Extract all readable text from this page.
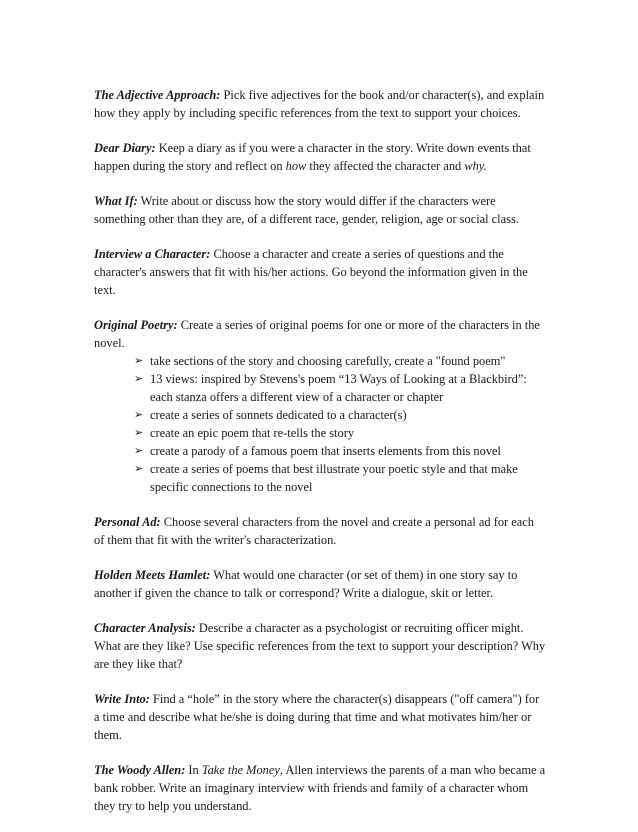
The Adjective Approach: Pick five adjectives for the book and/or character(s), and explain how they apply by including specific references from the text to support your choices.

Dear Diary: Keep a diary as if you were a character in the story. Write down events that happen during the story and reflect on how they affected the character and why.

What If: Write about or discuss how the story would differ if the characters were something other than they are, of a different race, gender, religion, age or social class.

Interview a Character: Choose a character and create a series of questions and the character's answers that fit with his/her actions. Go beyond the information given in the text.

Original Poetry: Create a series of original poems for one or more of the characters in the novel.
➢ take sections of the story and choosing carefully, create a "found poem"
➢ 13 views: inspired by Stevens's poem “13 Ways of Looking at a Blackbird”: each stanza offers a different view of a character or chapter
➢ create a series of sonnets dedicated to a character(s)
➢ create an epic poem that re-tells the story
➢ create a parody of a famous poem that inserts elements from this novel
➢ create a series of poems that best illustrate your poetic style and that make specific connections to the novel

Personal Ad: Choose several characters from the novel and create a personal ad for each of them that fit with the writer's characterization.

Holden Meets Hamlet: What would one character (or set of them) in one story say to another if given the chance to talk or correspond? Write a dialogue, skit or letter.

Character Analysis: Describe a character as a psychologist or recruiting officer might. What are they like? Use specific references from the text to support your description? Why are they like that?

Write Into: Find a “hole” in the story where the character(s) disappears ("off camera") for a time and describe what he/she is doing during that time and what motivates him/her or them.

The Woody Allen: In Take the Money, Allen interviews the parents of a man who became a bank robber. Write an imaginary interview with friends and family of a character whom they try to help you understand.
